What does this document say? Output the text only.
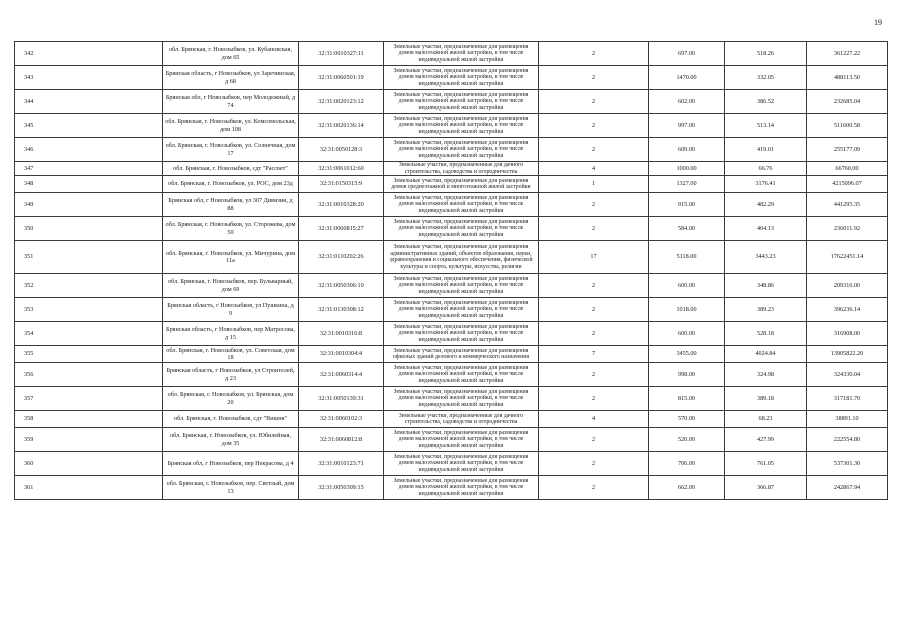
19
342	обл. Брянская, г. Новозыбков, ул. Кубановская, дом 65	32:31:0010327:11	Земельные участки, предназначенные для размещения домов малоэтажной жилой застройки, в том числе индивидуальной жилой застройки	2	697.00	518.26	361227.22
343	Брянская область, г Новозыбков, ул Заречинская, д 68	32:31:0060501:19	Земельные участки, предназначенные для размещения домов малоэтажной жилой застройки, в том числе индивидуальной жилой застройки	2	1470.00	332.05	488113.50
344	Брянская обл, г Новозыбков, пер Молодежный, д 74	32:31:0020123:12	Земельные участки, предназначенные для размещения домов малоэтажной жилой застройки, в том числе индивидуальной жилой застройки	2	602.00	386.52	232685.04
345	обл. Брянская, г. Новозыбков, ул. Комсомольская, дом 108	32:31:0020136:14	Земельные участки, предназначенные для размещения домов малоэтажной жилой застройки, в том числе индивидуальной жилой застройки	2	997.00	513.14	511600.58
346	обл. Брянская, г. Новозыбков, ул. Солнечная, дом 17	32:31:0050128:3	Земельные участки, предназначенные для размещения домов малоэтажной жилой застройки, в том числе индивидуальной жилой застройки	2	609.00	419.01	255177.09
347	обл. Брянская, г. Новозыбков, сдт "Рассвет"	32:31:0061012:60	Земельные участки, предназначенные для дачного строительства, садоводства и огородничества	4	1000.00	66.76	66760.00
348	обл. Брянская, г. Новозыбков, ул. РОС, дом 23д	32:31:0150315:9	Земельные участки, предназначенные для размещения домов среднеэтажной и многоэтажной жилой застройки	1	1327.00	3176.41	4215096.07
349	Брянская обл, г Новозыбков, ул 307 Дивизии, д 88	32:31:0010328:20	Земельные участки, предназначенные для размещения домов малоэтажной жилой застройки, в том числе индивидуальной жилой застройки	2	915.00	482.29	441295.35
350	обл. Брянская, г. Новозыбков, ул. Сторожева, дом 50	32:31:0060815:27	Земельные участки, предназначенные для размещения домов малоэтажной жилой застройки, в том числе индивидуальной жилой застройки	2	584.00	404.13	236011.92
351	обл. Брянская, г. Новозыбков, ул. Мичурина, дом 11а	32:31:0110202:26	Земельные участки, предназначенные для размещения административных зданий, объектов образования, науки, здравоохранения и социального обеспечения, физической культуры и спорта, культуры, искусства, религии	17	5118.00	3443.23	17622451.14
352	обл. Брянская, г. Новозыбков, пер. Бульварный, дом 69	32:31:0050306:10	Земельные участки, предназначенные для размещения домов малоэтажной жилой застройки, в том числе индивидуальной жилой застройки	2	600.00	348.86	209316.00
353	Брянская область, г Новозыбков, ул Пушкина, д 9	32:31:0130308:12	Земельные участки, предназначенные для размещения домов малоэтажной жилой застройки, в том числе индивидуальной жилой застройки	2	1018.00	389.23	396236.14
354	Брянская область, г Новозыбков, пер Матросова, д 15	32:31:0010316:8	Земельные участки, предназначенные для размещения домов малоэтажной жилой застройки, в том числе индивидуальной жилой застройки	2	600.00	528.18	316908.00
355	обл. Брянская, г. Новозыбков, ул. Советская, дом 18	32:31:0010304:4	Земельные участки, предназначенные для размещения офисных зданий делового и коммерческого назначения	7	3455.00	4024.84	13905822.20
356	Брянская область, г Новозыбков, ул Строителей, д 23	32:31:0060314:4	Земельные участки, предназначенные для размещения домов малоэтажной жилой застройки, в том числе индивидуальной жилой застройки	2	998.00	324.98	324330.04
357	обл. Брянская, г. Новозыбков, ул. Брянская, дом 20	32:31:0050139:31	Земельные участки, предназначенные для размещения домов малоэтажной жилой застройки, в том числе индивидуальной жилой застройки	2	815.00	389.18	317181.70
358	обл. Брянская, г. Новозыбков, сдт "Вишня"	32:31:0060102:3	Земельные участки, предназначенные для дачного строительства, садоводства и огородничества	4	570.00	68.23	38891.10
359	обл. Брянская, г. Новозыбков, ул. Юбилейная, дом 35	32:31:0060812:8	Земельные участки, предназначенные для размещения домов малоэтажной жилой застройки, в том числе индивидуальной жилой застройки	2	520.00	427.99	222554.80
360	Брянская обл, г Новозыбков, пер Некрасова, д 4	32:31:0010123:71	Земельные участки, предназначенные для размещения домов малоэтажной жилой застройки, в том числе индивидуальной жилой застройки	2	706.00	761.05	537301.30
361	обл. Брянская, г. Новозыбков, пер. Светлый, дом 13	32:31:0050309:15	Земельные участки, предназначенные для размещения домов малоэтажной жилой застройки, в том числе индивидуальной жилой застройки	2	662.00	366.87	242867.94
